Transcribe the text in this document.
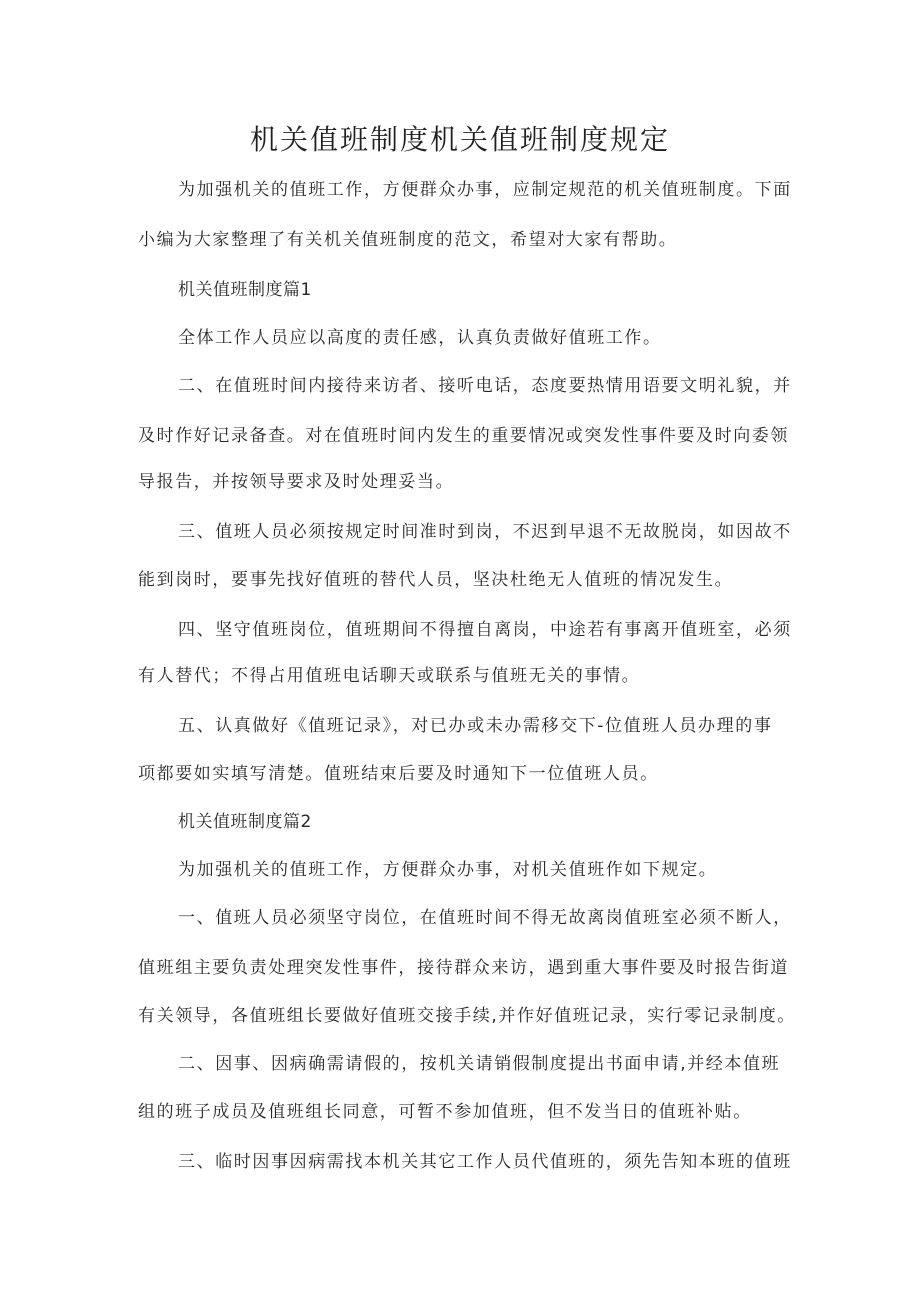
机关值班制度机关值班制度规定
为加强机关的值班工作，方便群众办事，应制定规范的机关值班制度。下面
小编为大家整理了有关机关值班制度的范文，希望对大家有帮助。
机关值班制度篇1
全体工作人员应以高度的责任感，认真负责做好值班工作。
二、在值班时间内接待来访者、接听电话，态度要热情用语要文明礼貌，并
及时作好记录备查。对在值班时间内发生的重要情况或突发性事件要及时向委领
导报告，并按领导要求及时处理妥当。
三、值班人员必须按规定时间准时到岗，不迟到早退不无故脱岗，如因故不
能到岗时，要事先找好值班的替代人员，坚决杜绝无人值班的情况发生。
四、坚守值班岗位，值班期间不得擅自离岗，中途若有事离开值班室，必须
有人替代；不得占用值班电话聊天或联系与值班无关的事情。
五、认真做好《值班记录》，对已办或未办需移交下-位值班人员办理的事
项都要如实填写清楚。值班结束后要及时通知下一位值班人员。
机关值班制度篇2
为加强机关的值班工作，方便群众办事，对机关值班作如下规定。
一、值班人员必须坚守岗位，在值班时间不得无故离岗值班室必须不断人，
值班组主要负责处理突发性事件，接待群众来访，遇到重大事件要及时报告街道
有关领导，各值班组长要做好值班交接手续,并作好值班记录，实行零记录制度。
二、因事、因病确需请假的，按机关请销假制度提出书面申请,并经本值班
组的班子成员及值班组长同意，可暂不参加值班，但不发当日的值班补贴。
三、临时因事因病需找本机关其它工作人员代值班的，须先告知本班的值班
